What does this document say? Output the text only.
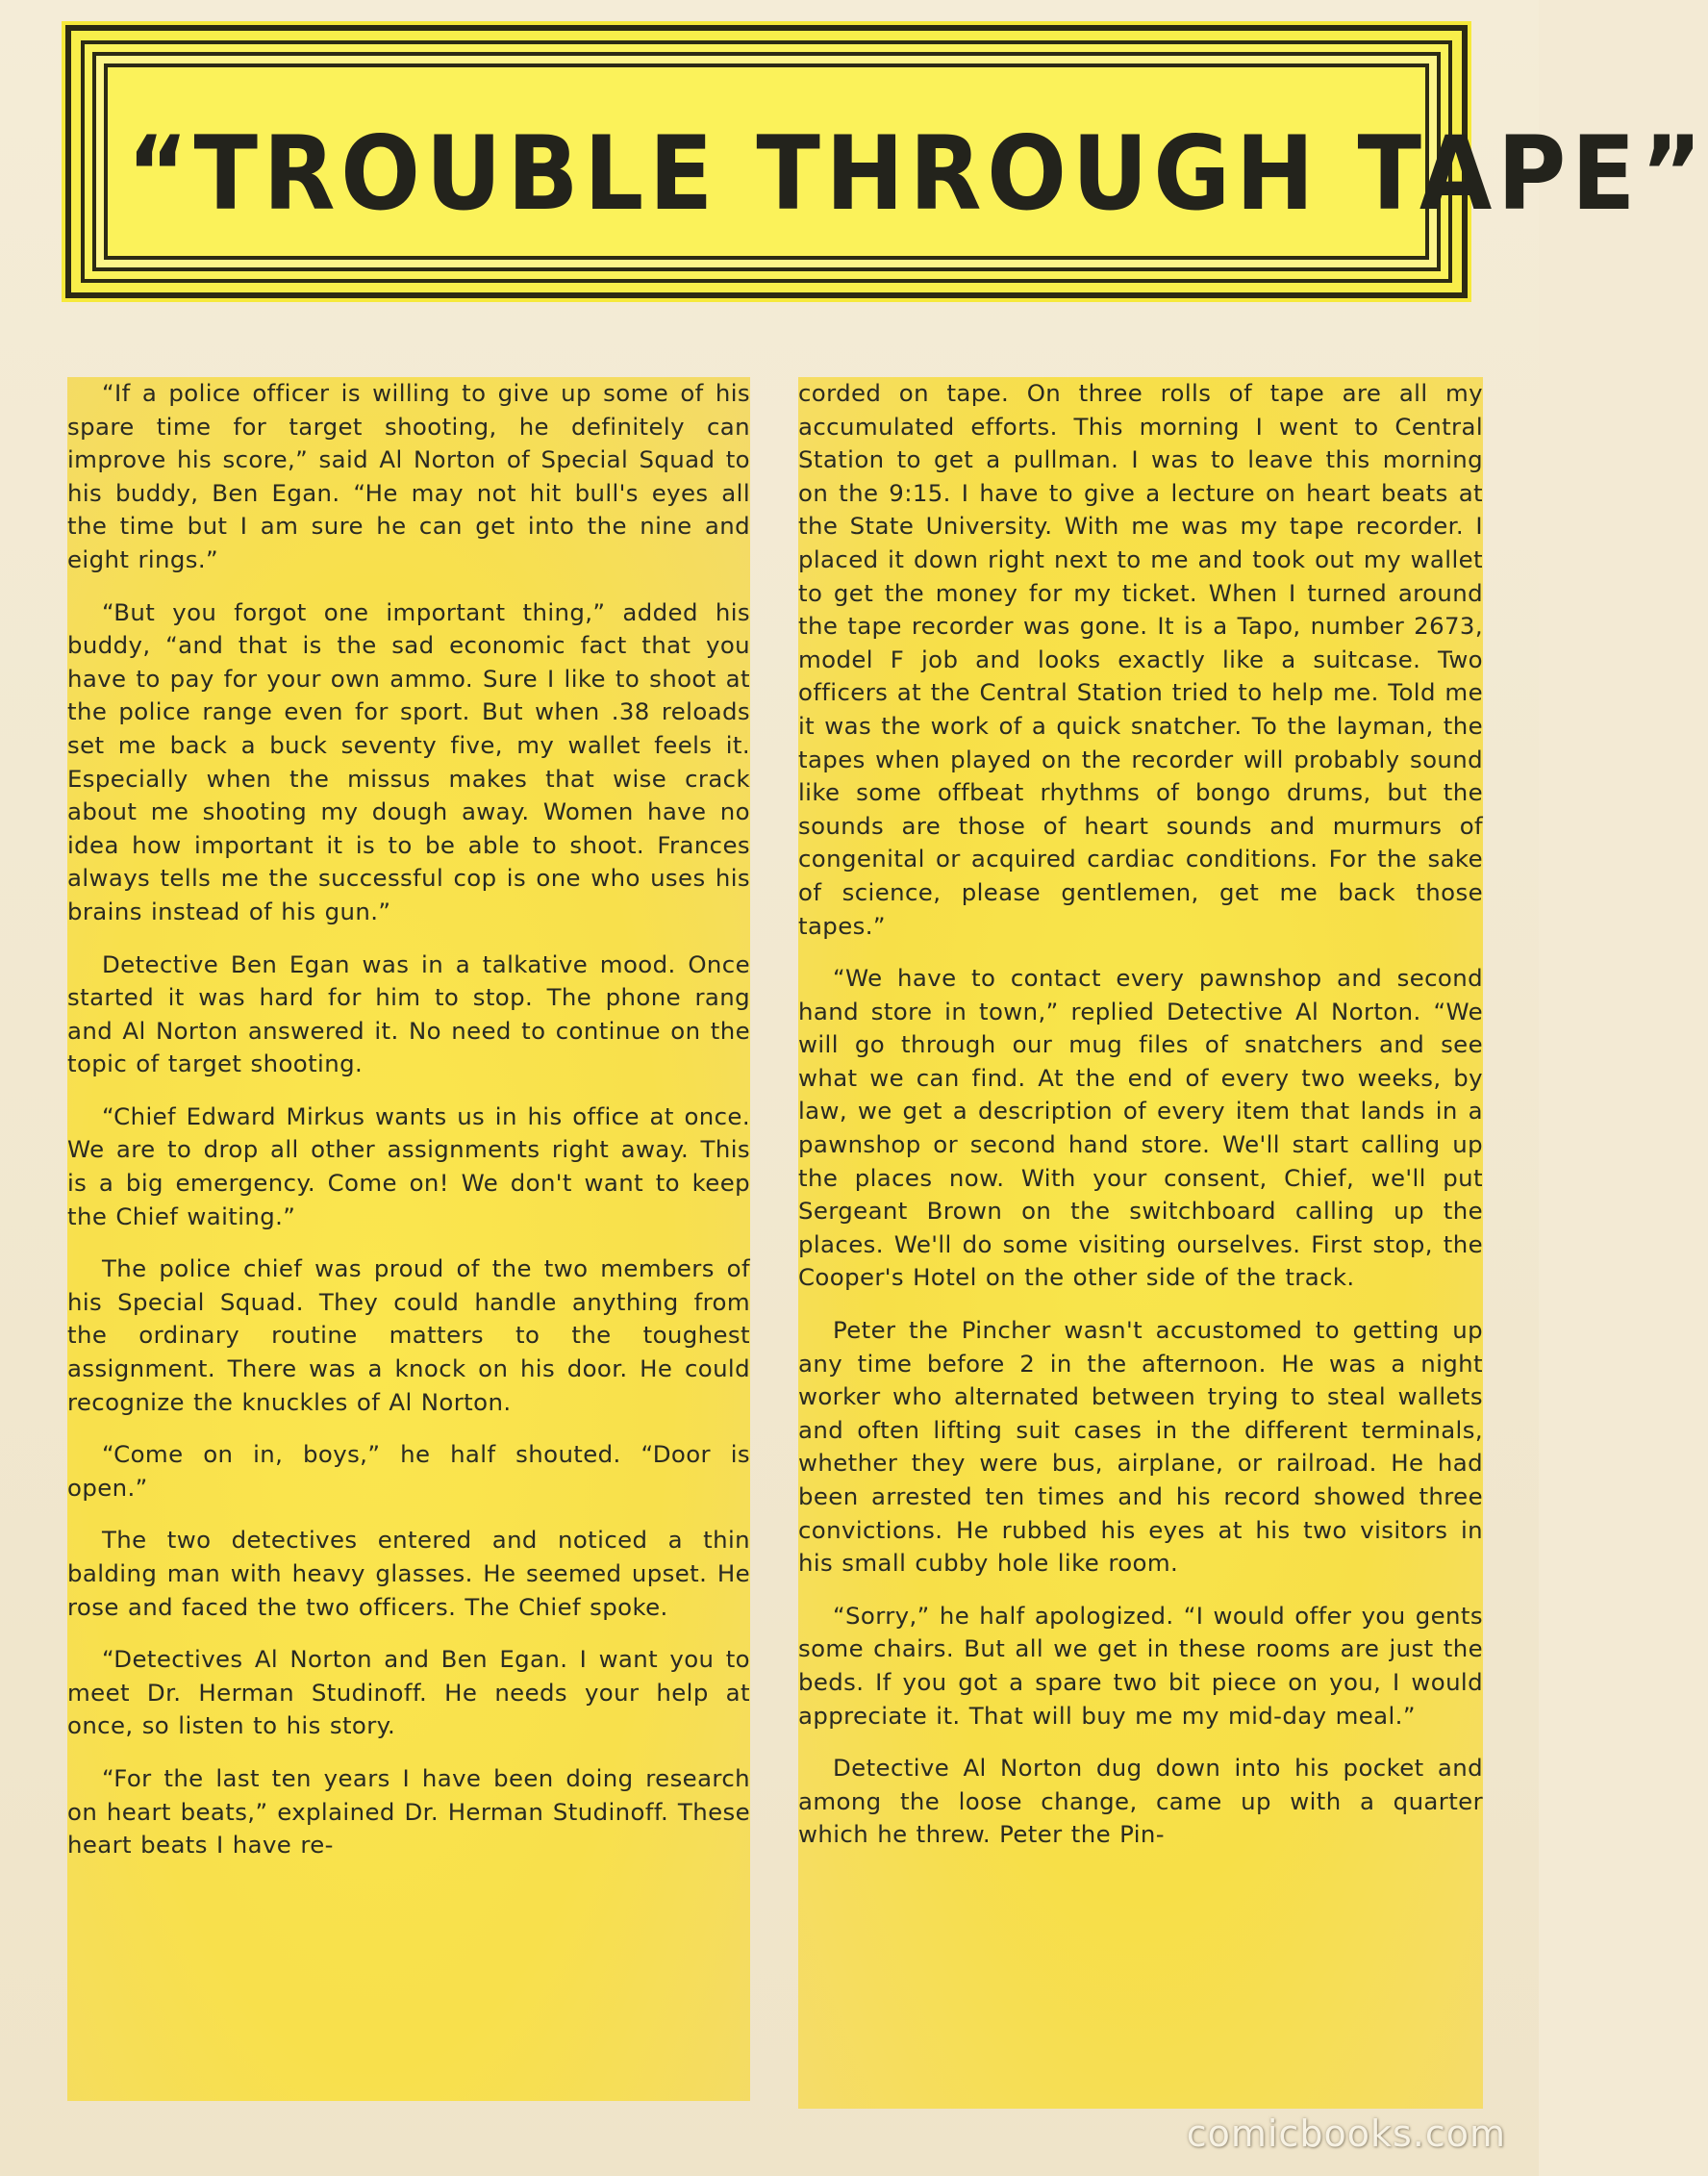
“TROUBLE THROUGH TAPE”

“If a police officer is willing to give up some of his spare time for target shooting, he definitely can improve his score,” said Al Norton of Special Squad to his buddy, Ben Egan. “He may not hit bull's eyes all the time but I am sure he can get into the nine and eight rings.”

“But you forgot one important thing,” added his buddy, “and that is the sad economic fact that you have to pay for your own ammo. Sure I like to shoot at the police range even for sport. But when .38 reloads set me back a buck seventy five, my wallet feels it. Especially when the missus makes that wise crack about me shooting my dough away. Women have no idea how important it is to be able to shoot. Frances always tells me the successful cop is one who uses his brains instead of his gun.”

Detective Ben Egan was in a talkative mood. Once started it was hard for him to stop. The phone rang and Al Norton answered it. No need to continue on the topic of target shooting.

“Chief Edward Mirkus wants us in his office at once. We are to drop all other assignments right away. This is a big emergency. Come on! We don't want to keep the Chief waiting.”

The police chief was proud of the two members of his Special Squad. They could handle anything from the ordinary routine matters to the toughest assignment. There was a knock on his door. He could recognize the knuckles of Al Norton.

“Come on in, boys,” he half shouted. “Door is open.”

The two detectives entered and noticed a thin balding man with heavy glasses. He seemed upset. He rose and faced the two officers. The Chief spoke.

“Detectives Al Norton and Ben Egan. I want you to meet Dr. Herman Studinoff. He needs your help at once, so listen to his story.

“For the last ten years I have been doing research on heart beats,” explained Dr. Herman Studinoff. These heart beats I have re-

corded on tape. On three rolls of tape are all my accumulated efforts. This morning I went to Central Station to get a pullman. I was to leave this morning on the 9:15. I have to give a lecture on heart beats at the State University. With me was my tape recorder. I placed it down right next to me and took out my wallet to get the money for my ticket. When I turned around the tape recorder was gone. It is a Tapo, number 2673, model F job and looks exactly like a suitcase. Two officers at the Central Station tried to help me. Told me it was the work of a quick snatcher. To the layman, the tapes when played on the recorder will probably sound like some offbeat rhythms of bongo drums, but the sounds are those of heart sounds and murmurs of congenital or acquired cardiac conditions. For the sake of science, please gentlemen, get me back those tapes.”

“We have to contact every pawnshop and second hand store in town,” replied Detective Al Norton. “We will go through our mug files of snatchers and see what we can find. At the end of every two weeks, by law, we get a description of every item that lands in a pawnshop or second hand store. We'll start calling up the places now. With your consent, Chief, we'll put Sergeant Brown on the switchboard calling up the places. We'll do some visiting ourselves. First stop, the Cooper's Hotel on the other side of the track.

Peter the Pincher wasn't accustomed to getting up any time before 2 in the afternoon. He was a night worker who alternated between trying to steal wallets and often lifting suit cases in the different terminals, whether they were bus, airplane, or railroad. He had been arrested ten times and his record showed three convictions. He rubbed his eyes at his two visitors in his small cubby hole like room.

“Sorry,” he half apologized. “I would offer you gents some chairs. But all we get in these rooms are just the beds. If you got a spare two bit piece on you, I would appreciate it. That will buy me my mid-day meal.”

Detective Al Norton dug down into his pocket and among the loose change, came up with a quarter which he threw. Peter the Pin-

comicbooks.com
